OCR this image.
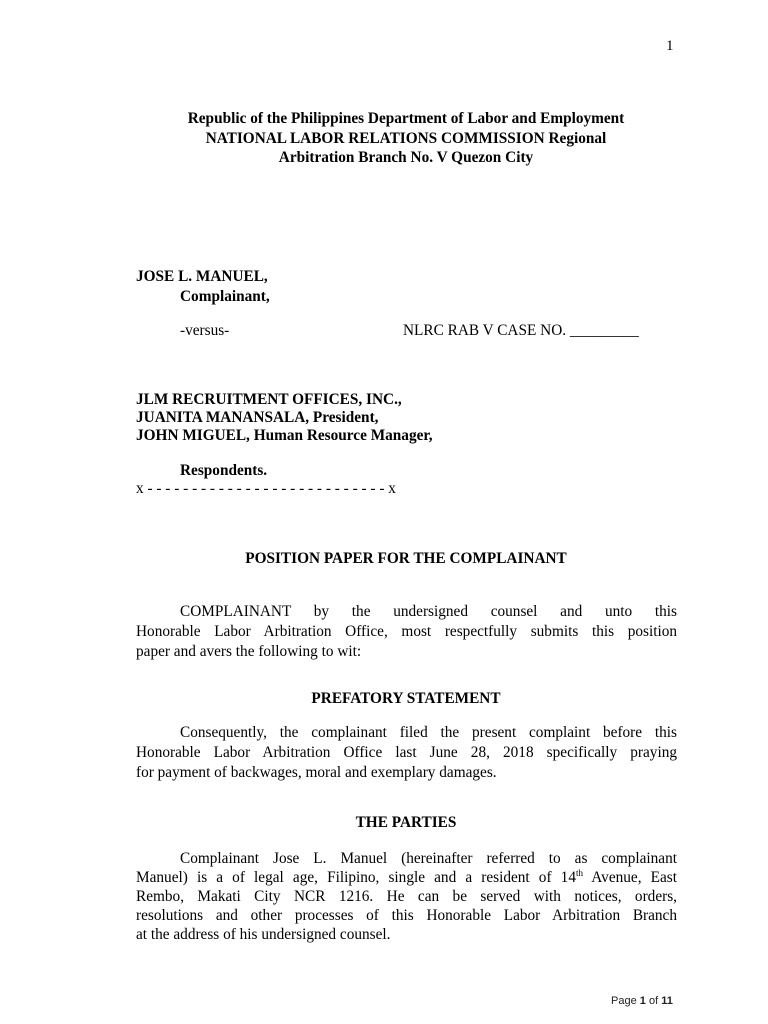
1
Republic of the Philippines Department of Labor and Employment
NATIONAL LABOR RELATIONS COMMISSION Regional
Arbitration Branch No. V Quezon City
JOSE L. MANUEL,
Complainant,
-versus-	NLRC RAB V CASE NO. _________
JLM RECRUITMENT OFFICES, INC.,
JUANITA MANANSALA, President,
JOHN MIGUEL, Human Resource Manager,
Respondents.
x - - - - - - - - - - - - - - - - - - - - - - - - - - - x
POSITION PAPER FOR THE COMPLAINANT
COMPLAINANT by the undersigned counsel and unto this
Honorable Labor Arbitration Office, most respectfully submits this position
paper and avers the following to wit:
PREFATORY STATEMENT
Consequently, the complainant filed the present complaint before this
Honorable Labor Arbitration Office last June 28, 2018 specifically praying
for payment of backwages, moral and exemplary damages.
THE PARTIES
Complainant Jose L. Manuel (hereinafter referred to as complainant
Manuel) is a of legal age, Filipino, single and a resident of 14th Avenue, East
Rembo, Makati City NCR 1216. He can be served with notices, orders,
resolutions and other processes of this Honorable Labor Arbitration Branch
at the address of his undersigned counsel.
Page 1 of 11
